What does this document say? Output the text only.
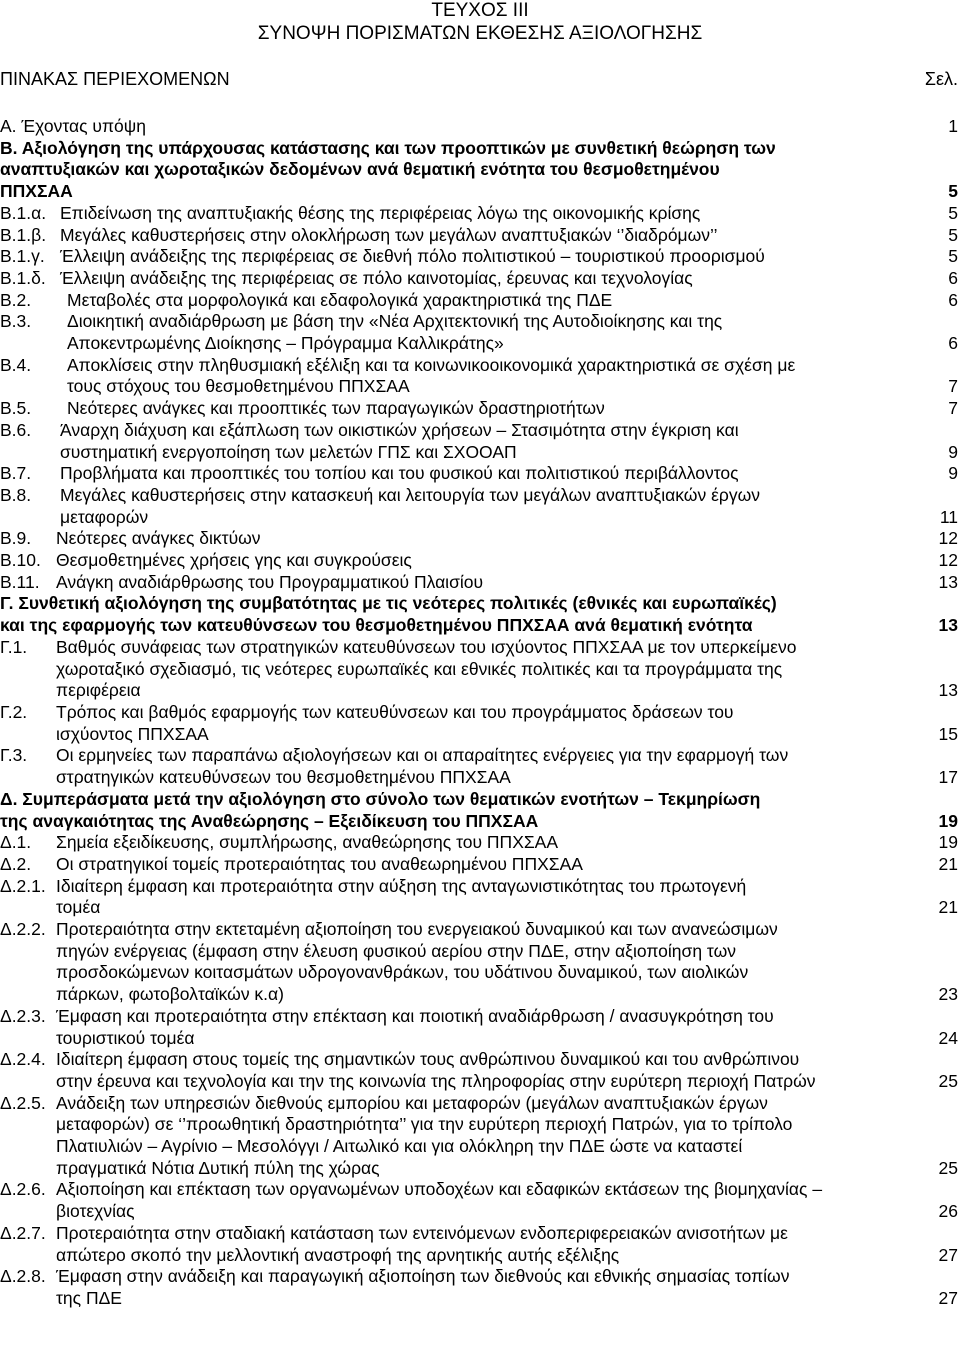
ΤΕΥΧΟΣ III
ΣΥΝΟΨΗ ΠΟΡΙΣΜΑΤΩΝ ΕΚΘΕΣΗΣ ΑΞΙΟΛΟΓΗΣΗΣ
ΠΙΝΑΚΑΣ ΠΕΡΙΕΧΟΜΕΝΩΝ	Σελ.
Α. Έχοντας υπόψη	1
Β. Αξιολόγηση της υπάρχουσας κατάστασης και των προοπτικών με συνθετική θεώρηση των
αναπτυξιακών και χωροταξικών δεδομένων ανά θεματική ενότητα του θεσμοθετημένου
ΠΠΧΣΑΑ	5
Β.1.α. Επιδείνωση της αναπτυξιακής θέσης της περιφέρειας λόγω της οικονομικής κρίσης	5
Β.1.β. Μεγάλες καθυστερήσεις στην ολοκλήρωση των μεγάλων αναπτυξιακών ‘’διαδρόμων’’	5
Β.1.γ. Έλλειψη ανάδειξης της περιφέρειας σε διεθνή πόλο πολιτιστικού – τουριστικού προορισμού	5
Β.1.δ. Έλλειψη ανάδειξης της περιφέρειας σε πόλο καινοτομίας, έρευνας και τεχνολογίας	6
Β.2.	Μεταβολές στα μορφολογικά και εδαφολογικά χαρακτηριστικά της ΠΔΕ	6
Β.3.	Διοικητική αναδιάρθρωση με βάση την «Νέα Αρχιτεκτονική της Αυτοδιοίκησης και της
Αποκεντρωμένης Διοίκησης – Πρόγραμμα Καλλικράτης»	6
Β.4.	Αποκλίσεις στην πληθυσμιακή εξέλιξη και τα κοινωνικοοικονομικά χαρακτηριστικά σε σχέση με
τους στόχους του θεσμοθετημένου ΠΠΧΣΑΑ	7
Β.5.	Νεότερες ανάγκες και προοπτικές των παραγωγικών δραστηριοτήτων	7
Β.6.	Άναρχη διάχυση και εξάπλωση των οικιστικών χρήσεων – Στασιμότητα στην έγκριση και
συστηματική ενεργοποίηση των μελετών ΓΠΣ και ΣΧΟΟΑΠ	9
Β.7.	Προβλήματα και προοπτικές του τοπίου και του φυσικού και πολιτιστικού περιβάλλοντος	9
Β.8.	Μεγάλες καθυστερήσεις στην κατασκευή και λειτουργία των μεγάλων αναπτυξιακών έργων
μεταφορών	11
Β.9.	Νεότερες ανάγκες δικτύων	12
Β.10. Θεσμοθετημένες χρήσεις γης και συγκρούσεις	12
Β.11. Ανάγκη αναδιάρθρωσης του Προγραμματικού Πλαισίου	13
Γ. Συνθετική αξιολόγηση της συμβατότητας με τις νεότερες πολιτικές (εθνικές και ευρωπαϊκές)
και της εφαρμογής των κατευθύνσεων του θεσμοθετημένου ΠΠΧΣΑΑ ανά θεματική ενότητα	13
Γ.1.	Βαθμός συνάφειας των στρατηγικών κατευθύνσεων του ισχύοντος ΠΠΧΣΑΑ με τον υπερκείμενο
χωροταξικό σχεδιασμό, τις νεότερες ευρωπαϊκές και εθνικές πολιτικές και τα προγράμματα της
περιφέρεια	13
Γ.2.	Τρόπος και βαθμός εφαρμογής των κατευθύνσεων και του προγράμματος δράσεων του
ισχύοντος ΠΠΧΣΑΑ	15
Γ.3.	Οι ερμηνείες των παραπάνω αξιολογήσεων και οι απαραίτητες ενέργειες για την εφαρμογή των
στρατηγικών κατευθύνσεων του θεσμοθετημένου ΠΠΧΣΑΑ	17
Δ. Συμπεράσματα μετά την αξιολόγηση στο σύνολο των θεματικών ενοτήτων – Τεκμηρίωση
της αναγκαιότητας της Αναθεώρησης – Εξειδίκευση του ΠΠΧΣΑΑ	19
Δ.1.	Σημεία εξειδίκευσης, συμπλήρωσης, αναθεώρησης του ΠΠΧΣΑΑ	19
Δ.2.	Οι στρατηγικοί τομείς προτεραιότητας του αναθεωρημένου ΠΠΧΣΑΑ	21
Δ.2.1. Ιδιαίτερη έμφαση και προτεραιότητα στην αύξηση της ανταγωνιστικότητας του πρωτογενή
τομέα	21
Δ.2.2. Προτεραιότητα στην εκτεταμένη αξιοποίηση του ενεργειακού δυναμικού και των ανανεώσιμων
πηγών ενέργειας (έμφαση στην έλευση φυσικού αερίου στην ΠΔΕ, στην αξιοποίηση των
προσδοκώμενων κοιτασμάτων υδρογονανθράκων, του υδάτινου δυναμικού, των αιολικών
πάρκων, φωτοβολταϊκών κ.α)	23
Δ.2.3. Έμφαση και προτεραιότητα στην επέκταση και ποιοτική αναδιάρθρωση / ανασυγκρότηση του
τουριστικού τομέα	24
Δ.2.4. Ιδιαίτερη έμφαση στους τομείς της σημαντικών τους ανθρώπινου δυναμικού και του ανθρώπινου
στην έρευνα και τεχνολογία και την της κοινωνία της πληροφορίας στην ευρύτερη περιοχή Πατρών	25
Δ.2.5. Ανάδειξη των υπηρεσιών διεθνούς εμπορίου και μεταφορών (μεγάλων αναπτυξιακών έργων
μεταφορών) σε ‘’προωθητική δραστηριότητα’’ για την ευρύτερη περιοχή Πατρών, για το τρίπολο
Πλατιυλιών – Αγρίνιο – Μεσολόγγι / Αιτωλικό και για ολόκληρη την ΠΔΕ ώστε να καταστεί
πραγματικά Νότια Δυτική πύλη της χώρας	25
Δ.2.6. Αξιοποίηση και επέκταση των οργανωμένων υποδοχέων και εδαφικών εκτάσεων της βιομηχανίας –
βιοτεχνίας	26
Δ.2.7. Προτεραιότητα στην σταδιακή κατάσταση των εντεινόμενων ενδοπεριφερειακών ανισοτήτων με
απώτερο σκοπό την μελλοντική αναστροφή της αρνητικής αυτής εξέλιξης	27
Δ.2.8. Έμφαση στην ανάδειξη και παραγωγική αξιοποίηση των διεθνούς και εθνικής σημασίας τοπίων
της ΠΔΕ	27
